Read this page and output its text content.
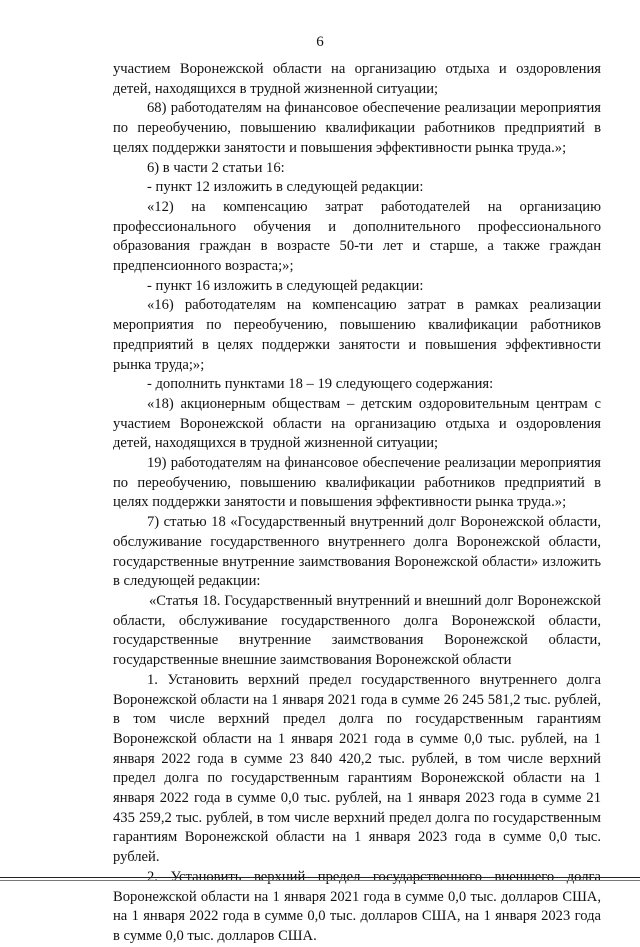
6

участием Воронежской области на организацию отдыха и оздоровления детей, находящихся в трудной жизненной ситуации;

68) работодателям на финансовое обеспечение реализации мероприятия по переобучению, повышению квалификации работников предприятий в целях поддержки занятости и повышения эффективности рынка труда.»;

6) в части 2 статьи 16:

- пункт 12 изложить в следующей редакции:

«12) на компенсацию затрат работодателей на организацию профессионального обучения и дополнительного профессионального образования граждан в возрасте 50-ти лет и старше, а также граждан предпенсионного возраста;»;

- пункт 16 изложить в следующей редакции:

«16) работодателям на компенсацию затрат в рамках реализации мероприятия по переобучению, повышению квалификации работников предприятий в целях поддержки занятости и повышения эффективности рынка труда;»;

- дополнить пунктами 18 – 19 следующего содержания:

«18) акционерным обществам – детским оздоровительным центрам с участием Воронежской области на организацию отдыха и оздоровления детей, находящихся в трудной жизненной ситуации;

19) работодателям на финансовое обеспечение реализации мероприятия по переобучению, повышению квалификации работников предприятий в целях поддержки занятости и повышения эффективности рынка труда.»;

7) статью 18 «Государственный внутренний долг Воронежской области, обслуживание государственного внутреннего долга Воронежской области, государственные внутренние заимствования Воронежской области» изложить в следующей редакции:

«Статья 18. Государственный внутренний и внешний долг Воронежской области, обслуживание государственного долга Воронежской области, государственные внутренние заимствования Воронежской области, государственные внешние заимствования Воронежской области

1. Установить верхний предел государственного внутреннего долга Воронежской области на 1 января 2021 года в сумме 26 245 581,2 тыс. рублей, в том числе верхний предел долга по государственным гарантиям Воронежской области на 1 января 2021 года в сумме 0,0 тыс. рублей, на 1 января 2022 года в сумме 23 840 420,2 тыс. рублей, в том числе верхний предел долга по государственным гарантиям Воронежской области на 1 января 2022 года в сумме 0,0 тыс. рублей, на 1 января 2023 года в сумме 21 435 259,2 тыс. рублей, в том числе верхний предел долга по государственным гарантиям Воронежской области на 1 января 2023 года в сумме 0,0 тыс. рублей.

2. Установить верхний предел государственного внешнего долга Воронежской области на 1 января 2021 года в сумме 0,0 тыс. долларов США, на 1 января 2022 года в сумме 0,0 тыс. долларов США, на 1 января 2023 года в сумме 0,0 тыс. долларов США.
